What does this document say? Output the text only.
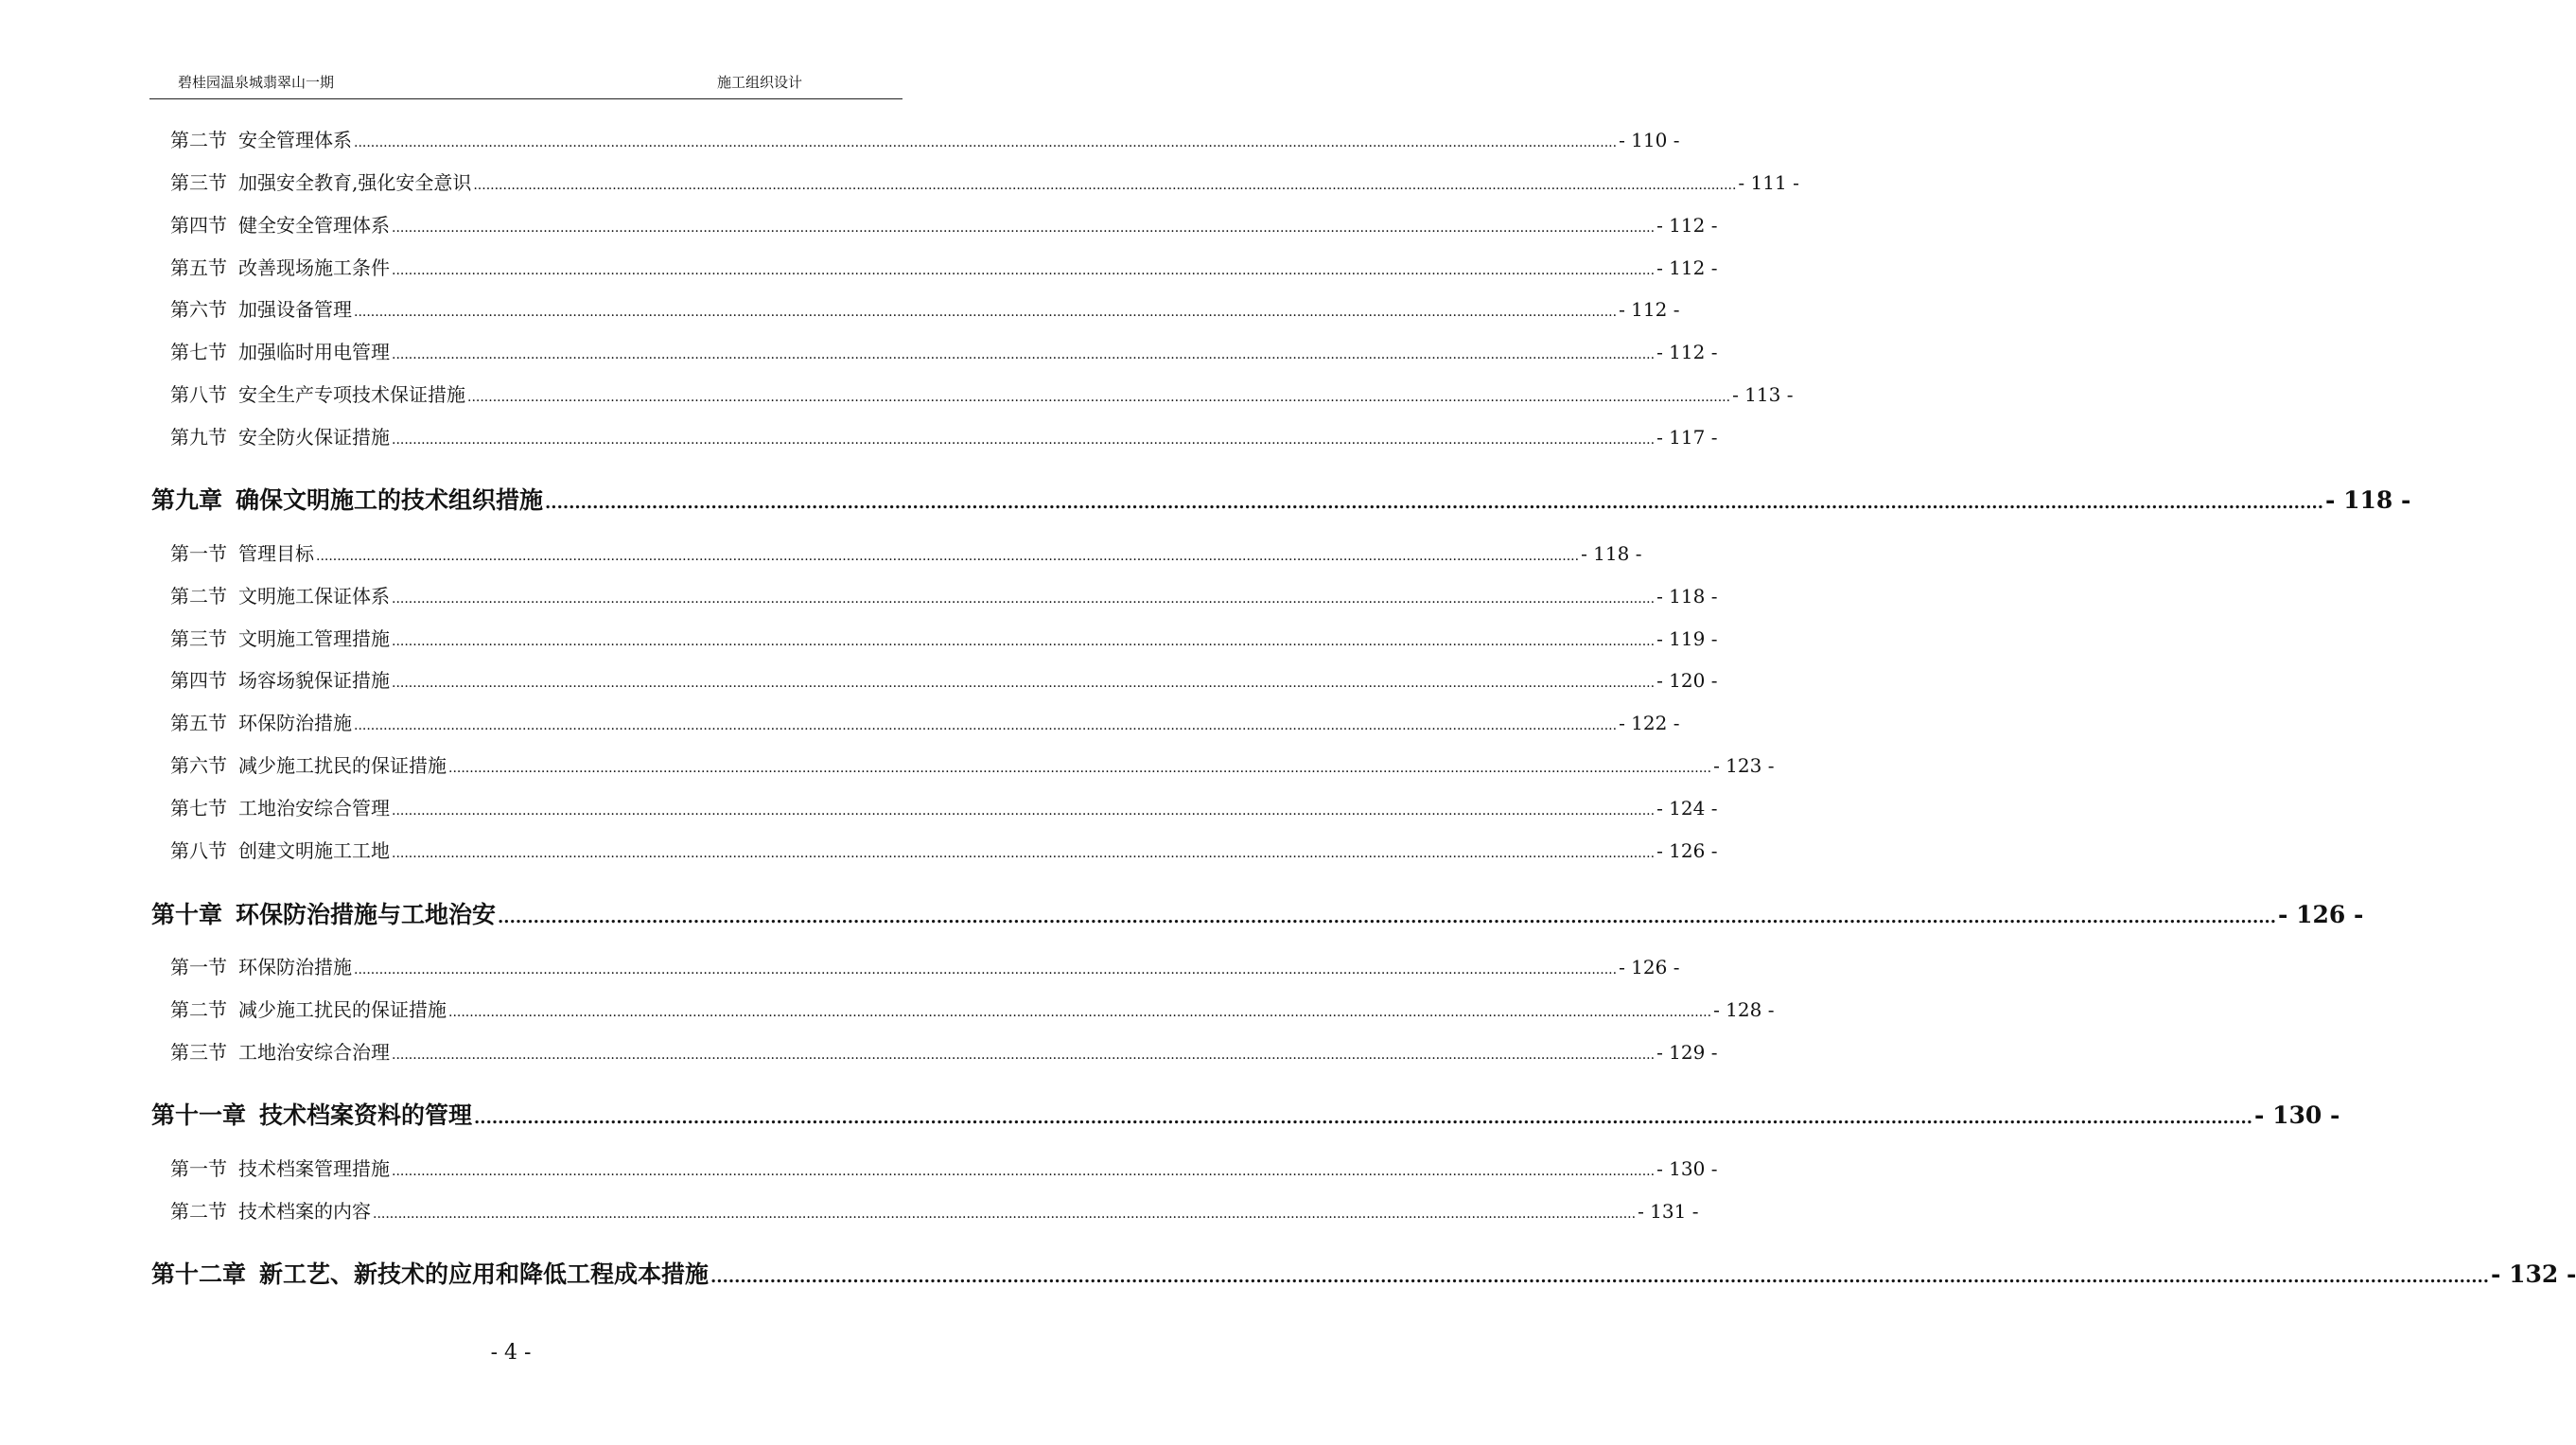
碧桂园温泉城翡翠山一期	施工组织设计
第二节 安全管理体系 ............................................................................................................................................................................................................................................................................................................ - 110 -
第三节 加强安全教育,强化安全意识 ............................................................................................................................................................................................................................................................................................................ - 111 -
第四节 健全安全管理体系 ............................................................................................................................................................................................................................................................................................................ - 112 -
第五节 改善现场施工条件 ............................................................................................................................................................................................................................................................................................................ - 112 -
第六节 加强设备管理 ............................................................................................................................................................................................................................................................................................................ - 112 -
第七节 加强临时用电管理 ............................................................................................................................................................................................................................................................................................................ - 112 -
第八节 安全生产专项技术保证措施 ............................................................................................................................................................................................................................................................................................................ - 113 -
第九节 安全防火保证措施 ............................................................................................................................................................................................................................................................................................................ - 117 -
第九章 确保文明施工的技术组织措施 ............................................................................................................................................................................................................................................................................................................ - 118 -
第一节 管理目标 ............................................................................................................................................................................................................................................................................................................ - 118 -
第二节 文明施工保证体系 ............................................................................................................................................................................................................................................................................................................ - 118 -
第三节 文明施工管理措施 ............................................................................................................................................................................................................................................................................................................ - 119 -
第四节 场容场貌保证措施 ............................................................................................................................................................................................................................................................................................................ - 120 -
第五节 环保防治措施 ............................................................................................................................................................................................................................................................................................................ - 122 -
第六节 减少施工扰民的保证措施 ............................................................................................................................................................................................................................................................................................................ - 123 -
第七节 工地治安综合管理 ............................................................................................................................................................................................................................................................................................................ - 124 -
第八节 创建文明施工工地 ............................................................................................................................................................................................................................................................................................................ - 126 -
第十章 环保防治措施与工地治安 ............................................................................................................................................................................................................................................................................................................ - 126 -
第一节 环保防治措施 ............................................................................................................................................................................................................................................................................................................ - 126 -
第二节 减少施工扰民的保证措施 ............................................................................................................................................................................................................................................................................................................ - 128 -
第三节 工地治安综合治理 ............................................................................................................................................................................................................................................................................................................ - 129 -
第十一章 技术档案资料的管理 ............................................................................................................................................................................................................................................................................................................ - 130 -
第一节 技术档案管理措施 ............................................................................................................................................................................................................................................................................................................ - 130 -
第二节 技术档案的内容 ............................................................................................................................................................................................................................................................................................................ - 131 -
第十二章 新工艺、新技术的应用和降低工程成本措施 ............................................................................................................................................................................................................................................................................................................ - 132 -
- 4 -
